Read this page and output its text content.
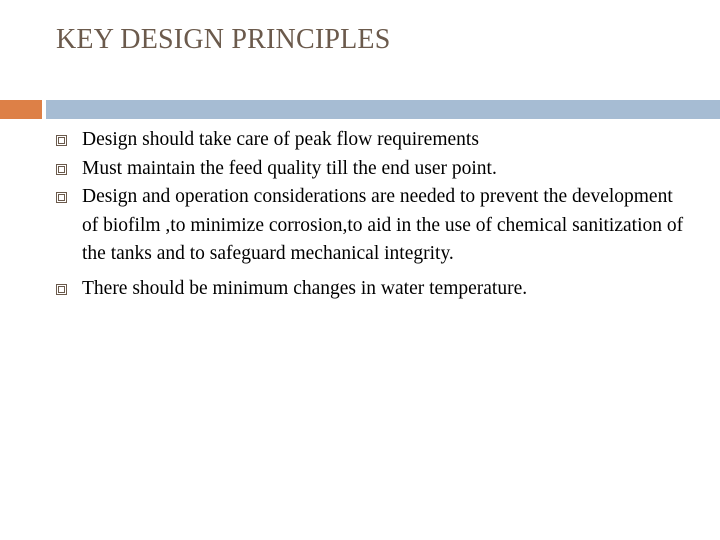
KEY DESIGN PRINCIPLES
Design should take care of peak flow requirements
Must maintain the feed quality till the end user point.
Design and operation considerations are needed to prevent the development of biofilm ,to minimize corrosion,to aid in the use of chemical sanitization of the tanks and to safeguard mechanical integrity.
There should be minimum changes in water temperature.
